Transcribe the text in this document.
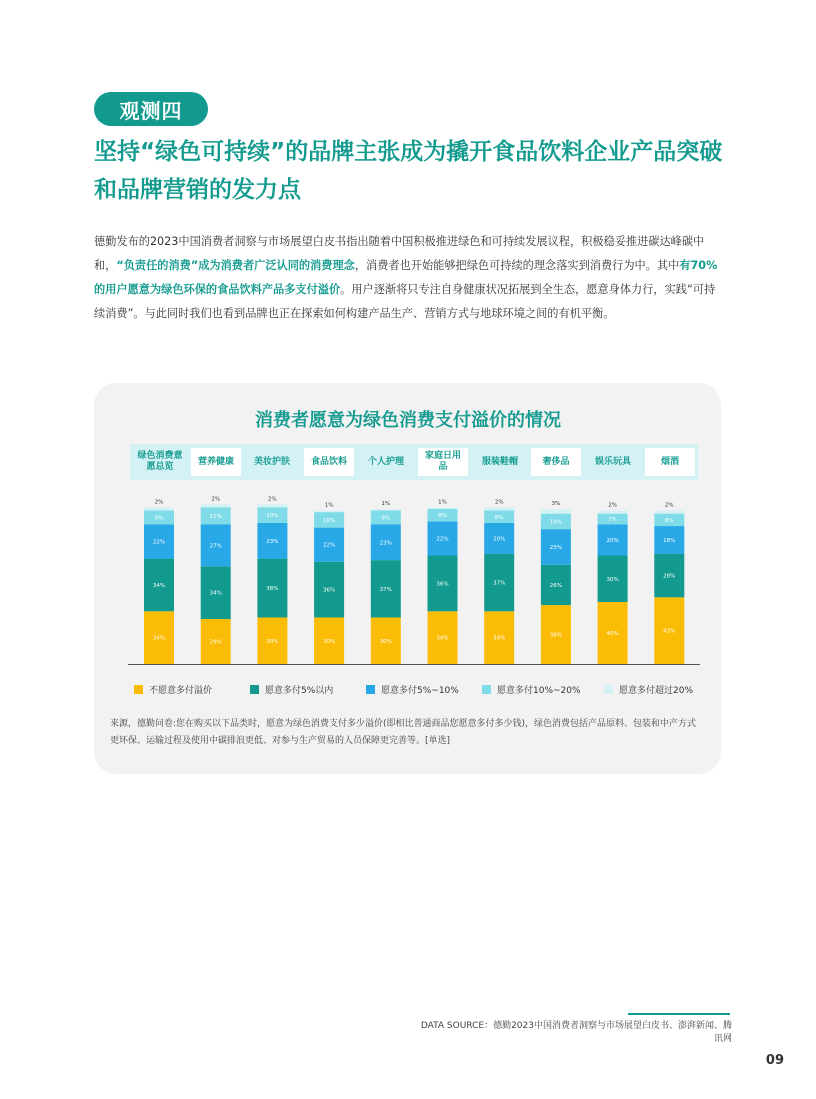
观测四
坚持“绿色可持续”的品牌主张成为撬开食品饮料企业产品突破
和品牌营销的发力点

德勤发布的2023中国消费者洞察与市场展望白皮书指出随着中国积极推进绿色和可持续发展议程，积极稳妥推进碳达峰碳中和，“负责任的消费”成为消费者广泛认同的消费理念，消费者也开始能够把绿色可持续的理念落实到消费行为中。其中有70%的用户愿意为绿色环保的食品饮料产品多支付溢价。用户逐渐将只专注自身健康状况拓展到全生态，愿意身体力行，实践“可持续消费”。与此同时我们也看到品牌也正在探索如何构建产品生产、营销方式与地球环境之间的有机平衡。

消费者愿意为绿色消费支付溢价的情况
绿色消费意愿总览
营养健康	美妆护肤	食品饮料	个人护理
家庭日用品
服装鞋帽	奢侈品	娱乐玩具	烟酒
34%
34%
22%
9%
2%
29%
34%
27%
11%
2%
30%
38%
23%
10%
2%
30%
36%
22%
10%
1%
30%
37%
23%
9%
1%
34%
36%
22%
8%
1%
34%
37%
20%
8%
2%
38%
26%
23%
10%
3%
40%
30%
20%
7%
2%
43%
28%
18%
8%
2%
不愿意多付溢价	愿意多付5%以内	愿意多付5%~10%	愿意多付10%~20%	愿意多付超过20%

来源，德勤问卷:您在购买以下品类时，愿意为绿色消费支付多少溢价(即相比普通商品您愿意多付多少钱)，绿色消费包括产品原料、包装和中产方式更环保、运输过程及使用中碳排浪更低、对参与生产贸易的人员保障更完善等。[单选]

DATA SOURCE：德勤2023中国消费者洞察与市场展望白皮书、澎湃新闻、腾讯网
09
